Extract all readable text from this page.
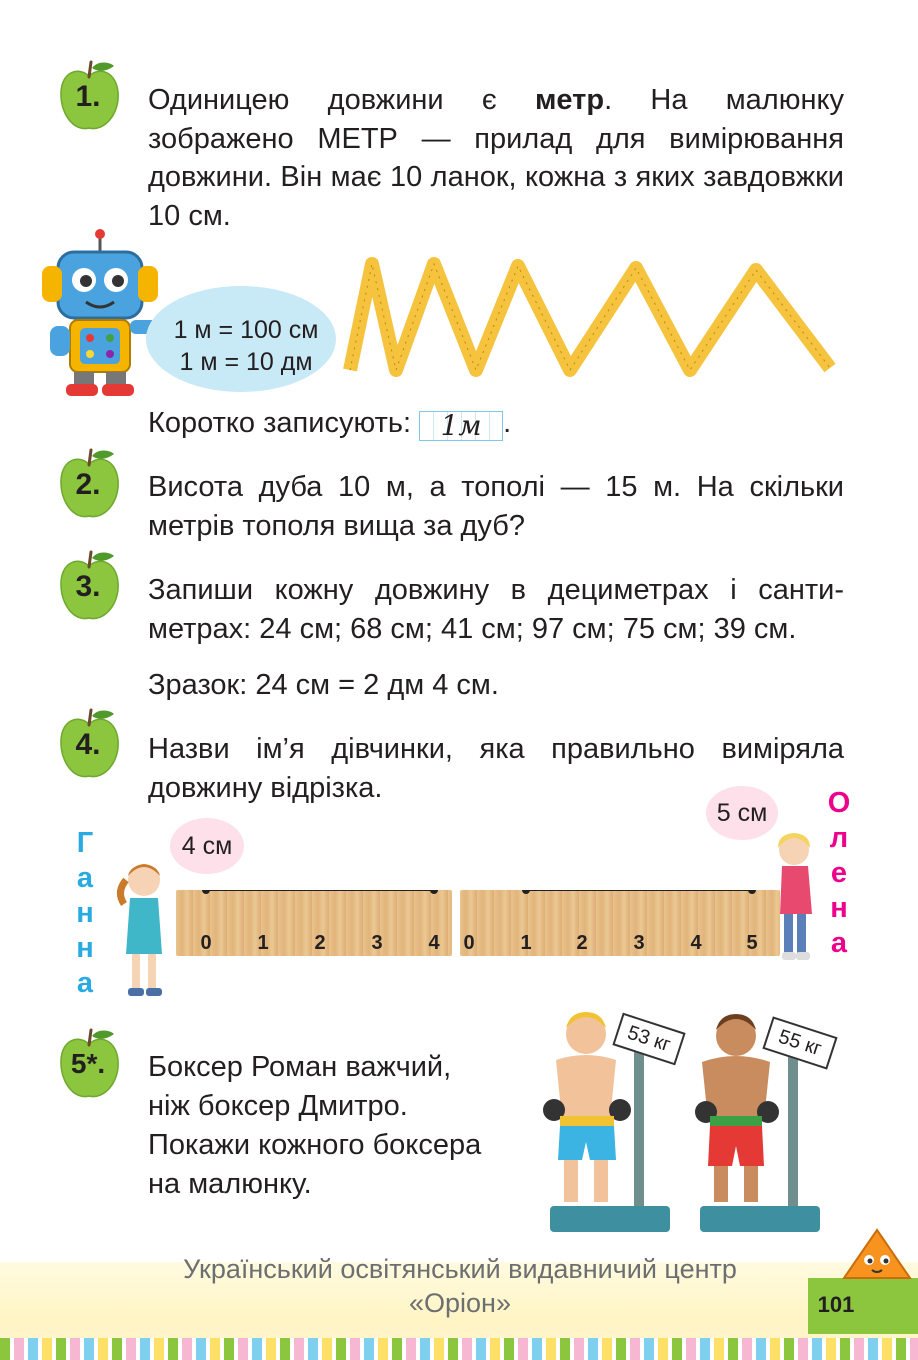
1.	Одиницею довжини є метр. На малюнку зображено МЕТР — прилад для вимірювання довжини. Він має 10 ланок, кожна з яких завдовжки 10 см.
1 м = 100 см
1 м = 10 дм
Коротко записують: 1м .
2.	Висота дуба 10 м, а тополі — 15 м. На скільки метрів тополя вища за дуб?
3.	Запиши кожну довжину в дециметрах і санти-метрах: 24 см; 68 см; 41 см; 97 см; 75 см; 39 см.
Зразок: 24 см = 2 дм 4 см.
4.	Назви ім’я дівчинки, яка правильно виміряла довжину відрізка.
Г
а
н
н
а
О
л
е
н
а
4 см
5 см
0 1 2 3 4 0 1 2 3 4 5
5*.	Боксер Роман важчий,
ніж боксер Дмитро.
Покажи кожного боксера
на малюнку.
53 кг	55 кг
Український освітянський видавничий центр
«Оріон»	101
